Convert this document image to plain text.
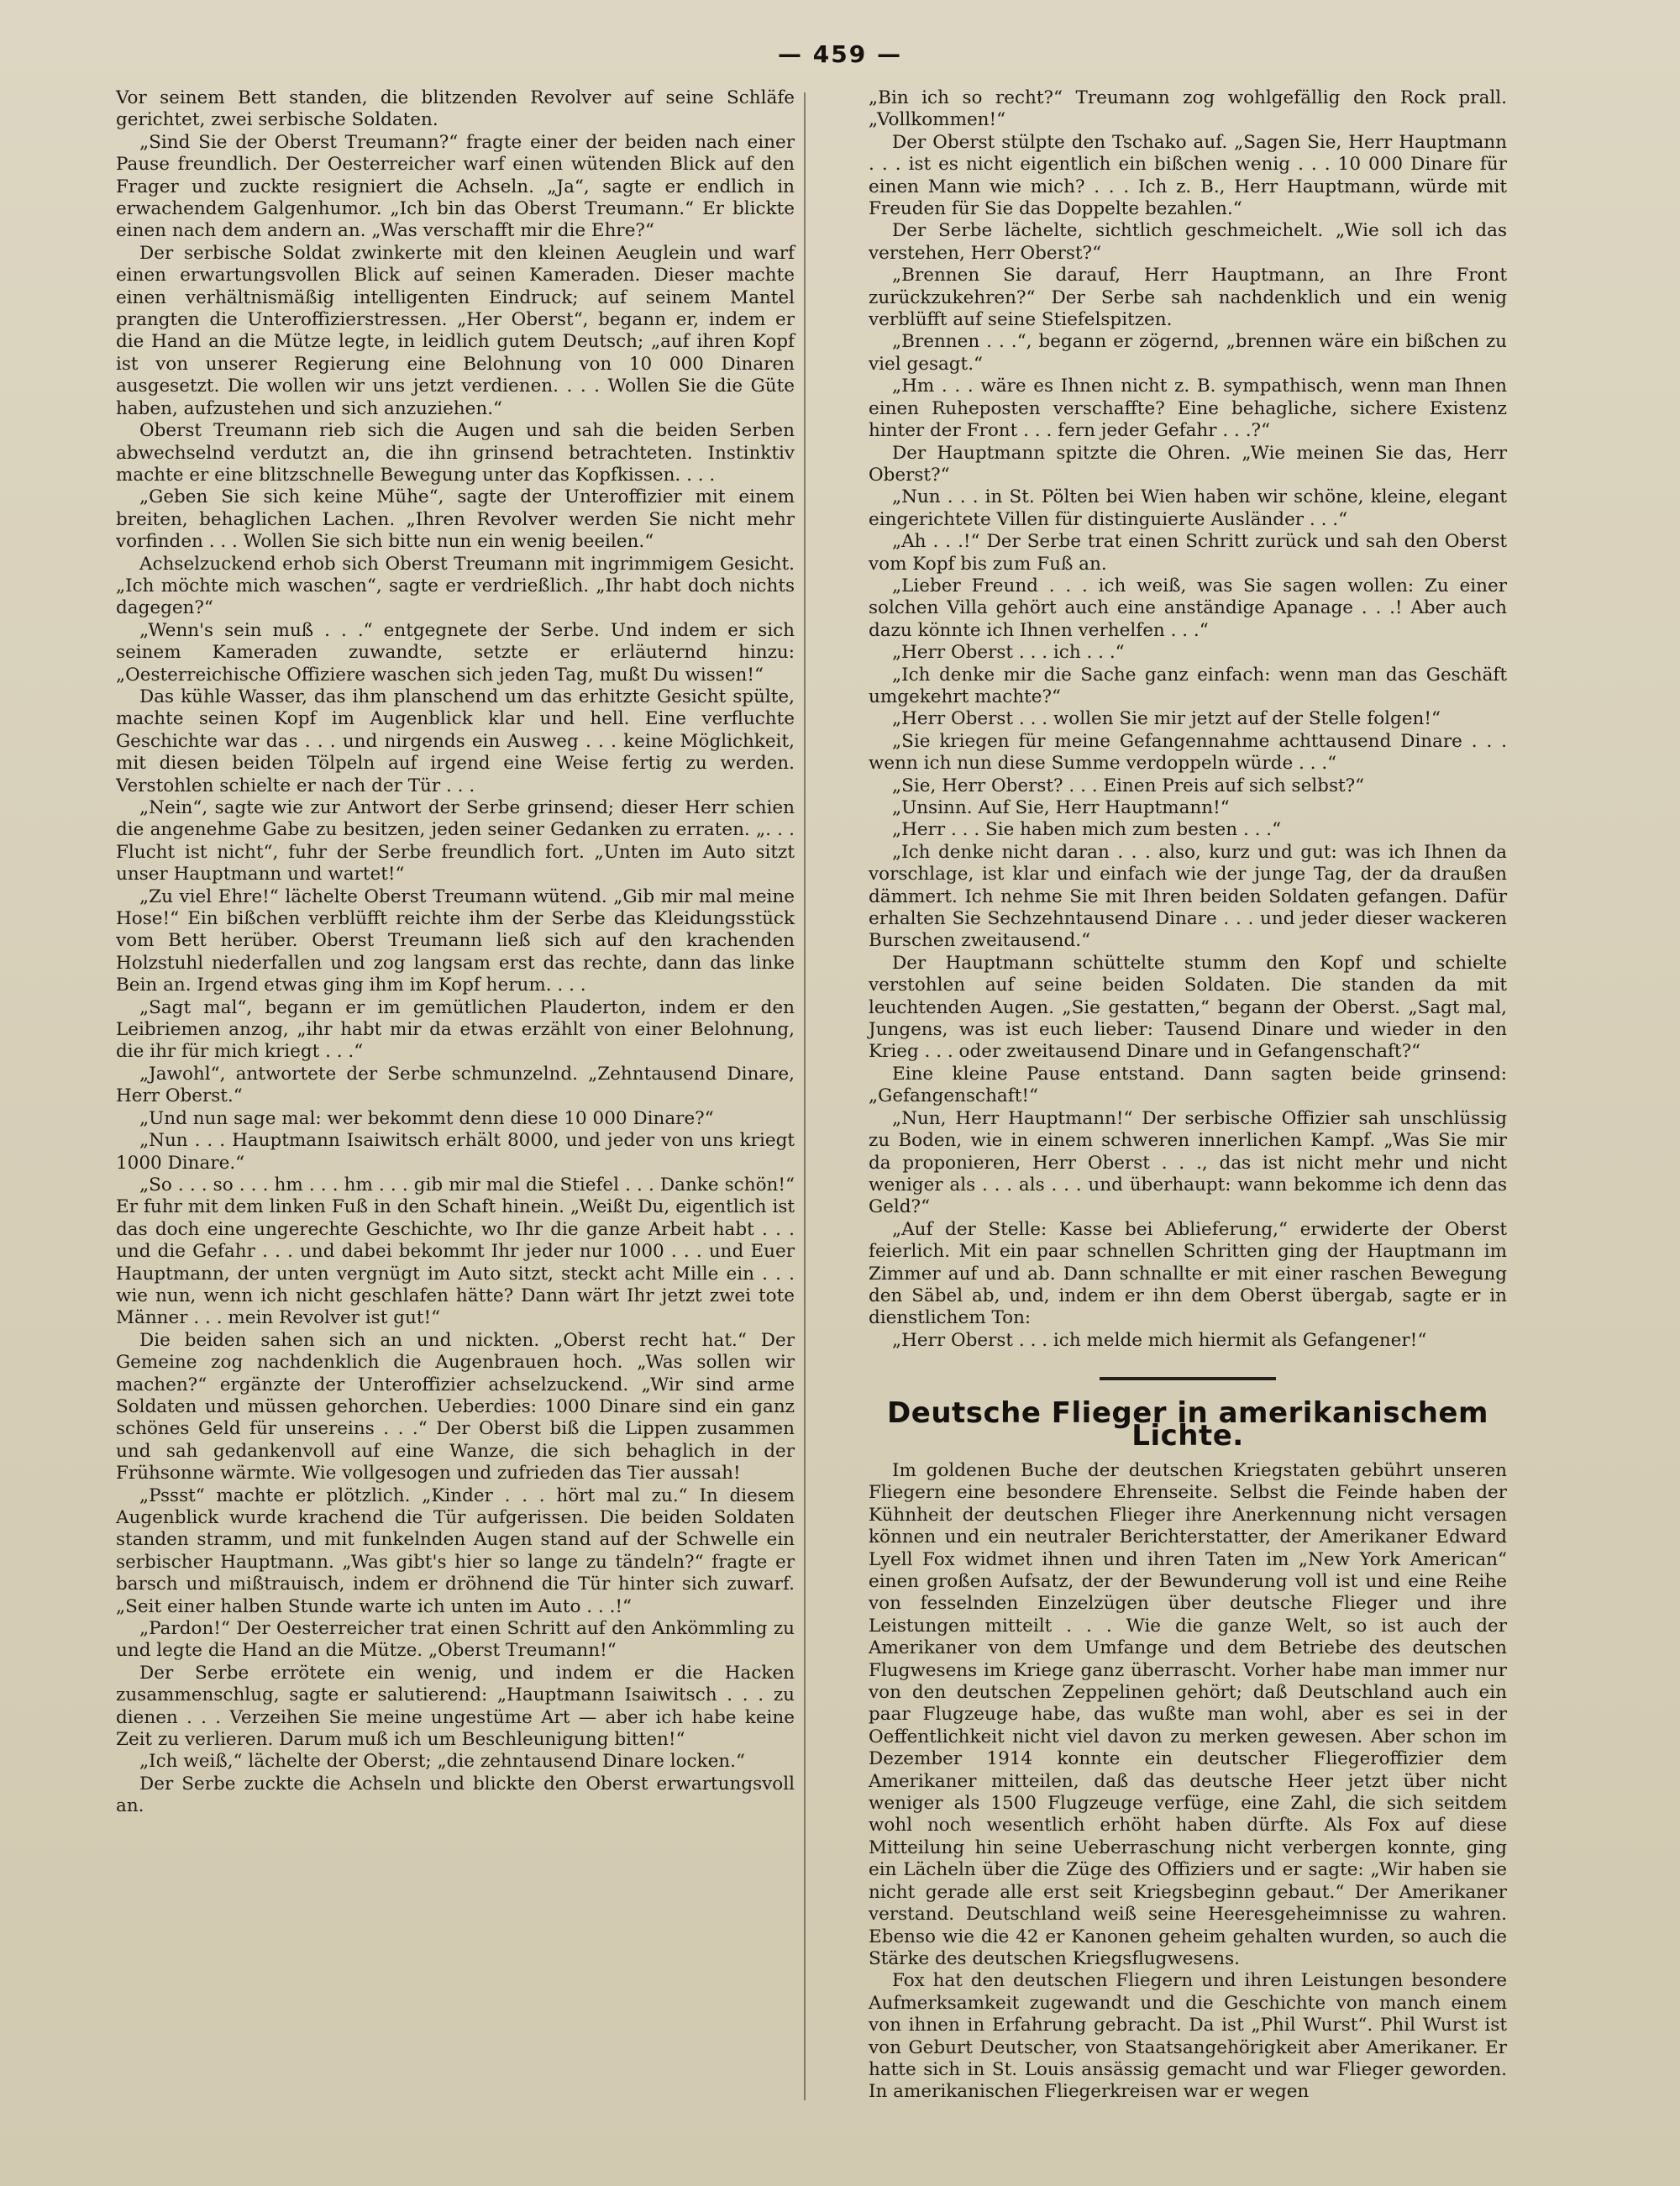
— 459 —

Vor seinem Bett standen, die blitzenden Revolver auf seine Schläfe gerichtet, zwei serbische Soldaten.

„Sind Sie der Oberst Treumann?“ fragte einer der beiden nach einer Pause freundlich. Der Oesterreicher warf einen wütenden Blick auf den Frager und zuckte resigniert die Achseln. „Ja“, sagte er endlich in erwachendem Galgenhumor. „Ich bin das Oberst Treumann.“ Er blickte einen nach dem andern an. „Was verschafft mir die Ehre?“

Der serbische Soldat zwinkerte mit den kleinen Aeuglein und warf einen erwartungsvollen Blick auf seinen Kameraden. Dieser machte einen verhältnismäßig intelligenten Eindruck; auf seinem Mantel prangten die Unteroffizierstressen. „Her Oberst“, begann er, indem er die Hand an die Mütze legte, in leidlich gutem Deutsch; „auf ihren Kopf ist von unserer Regierung eine Belohnung von 10 000 Dinaren ausgesetzt. Die wollen wir uns jetzt verdienen. . . . Wollen Sie die Güte haben, aufzustehen und sich anzuziehen.“

Oberst Treumann rieb sich die Augen und sah die beiden Serben abwechselnd verdutzt an, die ihn grinsend betrachteten. Instinktiv machte er eine blitzschnelle Bewegung unter das Kopfkissen. . . .

„Geben Sie sich keine Mühe“, sagte der Unteroffizier mit einem breiten, behaglichen Lachen. „Ihren Revolver werden Sie nicht mehr vorfinden . . . Wollen Sie sich bitte nun ein wenig beeilen.“

Achselzuckend erhob sich Oberst Treumann mit ingrimmigem Gesicht. „Ich möchte mich waschen“, sagte er verdrießlich. „Ihr habt doch nichts dagegen?“

„Wenn's sein muß . . .“ entgegnete der Serbe. Und indem er sich seinem Kameraden zuwandte, setzte er erläuternd hinzu: „Oesterreichische Offiziere waschen sich jeden Tag, mußt Du wissen!“

Das kühle Wasser, das ihm planschend um das erhitzte Gesicht spülte, machte seinen Kopf im Augenblick klar und hell. Eine verfluchte Geschichte war das . . . und nirgends ein Ausweg . . . keine Möglichkeit, mit diesen beiden Tölpeln auf irgend eine Weise fertig zu werden. Verstohlen schielte er nach der Tür . . .

„Nein“, sagte wie zur Antwort der Serbe grinsend; dieser Herr schien die angenehme Gabe zu besitzen, jeden seiner Gedanken zu erraten. „. . . Flucht ist nicht“, fuhr der Serbe freundlich fort. „Unten im Auto sitzt unser Hauptmann und wartet!“

„Zu viel Ehre!“ lächelte Oberst Treumann wütend. „Gib mir mal meine Hose!“ Ein bißchen verblüfft reichte ihm der Serbe das Kleidungsstück vom Bett herüber. Oberst Treumann ließ sich auf den krachenden Holzstuhl niederfallen und zog langsam erst das rechte, dann das linke Bein an. Irgend etwas ging ihm im Kopf herum. . . .

„Sagt mal“, begann er im gemütlichen Plauderton, indem er den Leibriemen anzog, „ihr habt mir da etwas erzählt von einer Belohnung, die ihr für mich kriegt . . .“

„Jawohl“, antwortete der Serbe schmunzelnd. „Zehntausend Dinare, Herr Oberst.“

„Und nun sage mal: wer bekommt denn diese 10 000 Dinare?“

„Nun . . . Hauptmann Isaiwitsch erhält 8000, und jeder von uns kriegt 1000 Dinare.“

„So . . . so . . . hm . . . hm . . . gib mir mal die Stiefel . . . Danke schön!“ Er fuhr mit dem linken Fuß in den Schaft hinein. „Weißt Du, eigentlich ist das doch eine ungerechte Geschichte, wo Ihr die ganze Arbeit habt . . . und die Gefahr . . . und dabei bekommt Ihr jeder nur 1000 . . . und Euer Hauptmann, der unten vergnügt im Auto sitzt, steckt acht Mille ein . . . wie nun, wenn ich nicht geschlafen hätte? Dann wärt Ihr jetzt zwei tote Männer . . . mein Revolver ist gut!“

Die beiden sahen sich an und nickten. „Oberst recht hat.“ Der Gemeine zog nachdenklich die Augenbrauen hoch. „Was sollen wir machen?“ ergänzte der Unteroffizier achselzuckend. „Wir sind arme Soldaten und müssen gehorchen. Ueberdies: 1000 Dinare sind ein ganz schönes Geld für unsereins . . .“ Der Oberst biß die Lippen zusammen und sah gedankenvoll auf eine Wanze, die sich behaglich in der Frühsonne wärmte. Wie vollgesogen und zufrieden das Tier aussah!

„Pssst“ machte er plötzlich. „Kinder . . . hört mal zu.“ In diesem Augenblick wurde krachend die Tür aufgerissen. Die beiden Soldaten standen stramm, und mit funkelnden Augen stand auf der Schwelle ein serbischer Hauptmann. „Was gibt's hier so lange zu tändeln?“ fragte er barsch und mißtrauisch, indem er dröhnend die Tür hinter sich zuwarf. „Seit einer halben Stunde warte ich unten im Auto . . .!“

„Pardon!“ Der Oesterreicher trat einen Schritt auf den Ankömmling zu und legte die Hand an die Mütze. „Oberst Treumann!“

Der Serbe errötete ein wenig, und indem er die Hacken zusammenschlug, sagte er salutierend: „Hauptmann Isaiwitsch . . . zu dienen . . . Verzeihen Sie meine ungestüme Art — aber ich habe keine Zeit zu verlieren. Darum muß ich um Beschleunigung bitten!“

„Ich weiß,“ lächelte der Oberst; „die zehntausend Dinare locken.“

Der Serbe zuckte die Achseln und blickte den Oberst erwartungsvoll an.

„Bin ich so recht?“ Treumann zog wohlgefällig den Rock prall. „Vollkommen!“

Der Oberst stülpte den Tschako auf. „Sagen Sie, Herr Hauptmann . . . ist es nicht eigentlich ein bißchen wenig . . . 10 000 Dinare für einen Mann wie mich? . . . Ich z. B., Herr Hauptmann, würde mit Freuden für Sie das Doppelte bezahlen.“

Der Serbe lächelte, sichtlich geschmeichelt. „Wie soll ich das verstehen, Herr Oberst?“

„Brennen Sie darauf, Herr Hauptmann, an Ihre Front zurückzukehren?“ Der Serbe sah nachdenklich und ein wenig verblüfft auf seine Stiefelspitzen.

„Brennen . . .“, begann er zögernd, „brennen wäre ein bißchen zu viel gesagt.“

„Hm . . . wäre es Ihnen nicht z. B. sympathisch, wenn man Ihnen einen Ruheposten verschaffte? Eine behagliche, sichere Existenz hinter der Front . . . fern jeder Gefahr . . .?“

Der Hauptmann spitzte die Ohren. „Wie meinen Sie das, Herr Oberst?“

„Nun . . . in St. Pölten bei Wien haben wir schöne, kleine, elegant eingerichtete Villen für distinguierte Ausländer . . .“

„Ah . . .!“ Der Serbe trat einen Schritt zurück und sah den Oberst vom Kopf bis zum Fuß an.

„Lieber Freund . . . ich weiß, was Sie sagen wollen: Zu einer solchen Villa gehört auch eine anständige Apanage . . .! Aber auch dazu könnte ich Ihnen verhelfen . . .“

„Herr Oberst . . . ich . . .“

„Ich denke mir die Sache ganz einfach: wenn man das Geschäft umgekehrt machte?“

„Herr Oberst . . . wollen Sie mir jetzt auf der Stelle folgen!“

„Sie kriegen für meine Gefangennahme achttausend Dinare . . . wenn ich nun diese Summe verdoppeln würde . . .“

„Sie, Herr Oberst? . . . Einen Preis auf sich selbst?“

„Unsinn. Auf Sie, Herr Hauptmann!“

„Herr . . . Sie haben mich zum besten . . .“

„Ich denke nicht daran . . . also, kurz und gut: was ich Ihnen da vorschlage, ist klar und einfach wie der junge Tag, der da draußen dämmert. Ich nehme Sie mit Ihren beiden Soldaten gefangen. Dafür erhalten Sie Sechzehntausend Dinare . . . und jeder dieser wackeren Burschen zweitausend.“

Der Hauptmann schüttelte stumm den Kopf und schielte verstohlen auf seine beiden Soldaten. Die standen da mit leuchtenden Augen. „Sie gestatten,“ begann der Oberst. „Sagt mal, Jungens, was ist euch lieber: Tausend Dinare und wieder in den Krieg . . . oder zweitausend Dinare und in Gefangenschaft?“

Eine kleine Pause entstand. Dann sagten beide grinsend: „Gefangenschaft!“

„Nun, Herr Hauptmann!“ Der serbische Offizier sah unschlüssig zu Boden, wie in einem schweren innerlichen Kampf. „Was Sie mir da proponieren, Herr Oberst . . ., das ist nicht mehr und nicht weniger als . . . als . . . und überhaupt: wann bekomme ich denn das Geld?“

„Auf der Stelle: Kasse bei Ablieferung,“ erwiderte der Oberst feierlich. Mit ein paar schnellen Schritten ging der Hauptmann im Zimmer auf und ab. Dann schnallte er mit einer raschen Bewegung den Säbel ab, und, indem er ihn dem Oberst übergab, sagte er in dienstlichem Ton:

„Herr Oberst . . . ich melde mich hiermit als Gefangener!“

Deutsche Flieger in amerikanischem Lichte.

Im goldenen Buche der deutschen Kriegstaten gebührt unseren Fliegern eine besondere Ehrenseite. Selbst die Feinde haben der Kühnheit der deutschen Flieger ihre Anerkennung nicht versagen können und ein neutraler Berichterstatter, der Amerikaner Edward Lyell Fox widmet ihnen und ihren Taten im „New York American“ einen großen Aufsatz, der der Bewunderung voll ist und eine Reihe von fesselnden Einzelzügen über deutsche Flieger und ihre Leistungen mitteilt . . . Wie die ganze Welt, so ist auch der Amerikaner von dem Umfange und dem Betriebe des deutschen Flugwesens im Kriege ganz überrascht. Vorher habe man immer nur von den deutschen Zeppelinen gehört; daß Deutschland auch ein paar Flugzeuge habe, das wußte man wohl, aber es sei in der Oeffentlichkeit nicht viel davon zu merken gewesen. Aber schon im Dezember 1914 konnte ein deutscher Fliegeroffizier dem Amerikaner mitteilen, daß das deutsche Heer jetzt über nicht weniger als 1500 Flugzeuge verfüge, eine Zahl, die sich seitdem wohl noch wesentlich erhöht haben dürfte. Als Fox auf diese Mitteilung hin seine Ueberraschung nicht verbergen konnte, ging ein Lächeln über die Züge des Offiziers und er sagte: „Wir haben sie nicht gerade alle erst seit Kriegsbeginn gebaut.“ Der Amerikaner verstand. Deutschland weiß seine Heeresgeheimnisse zu wahren. Ebenso wie die 42 er Kanonen geheim gehalten wurden, so auch die Stärke des deutschen Kriegsflugwesens.

Fox hat den deutschen Fliegern und ihren Leistungen besondere Aufmerksamkeit zugewandt und die Geschichte von manch einem von ihnen in Erfahrung gebracht. Da ist „Phil Wurst“. Phil Wurst ist von Geburt Deutscher, von Staatsangehörigkeit aber Amerikaner. Er hatte sich in St. Louis ansässig gemacht und war Flieger geworden. In amerikanischen Fliegerkreisen war er wegen
